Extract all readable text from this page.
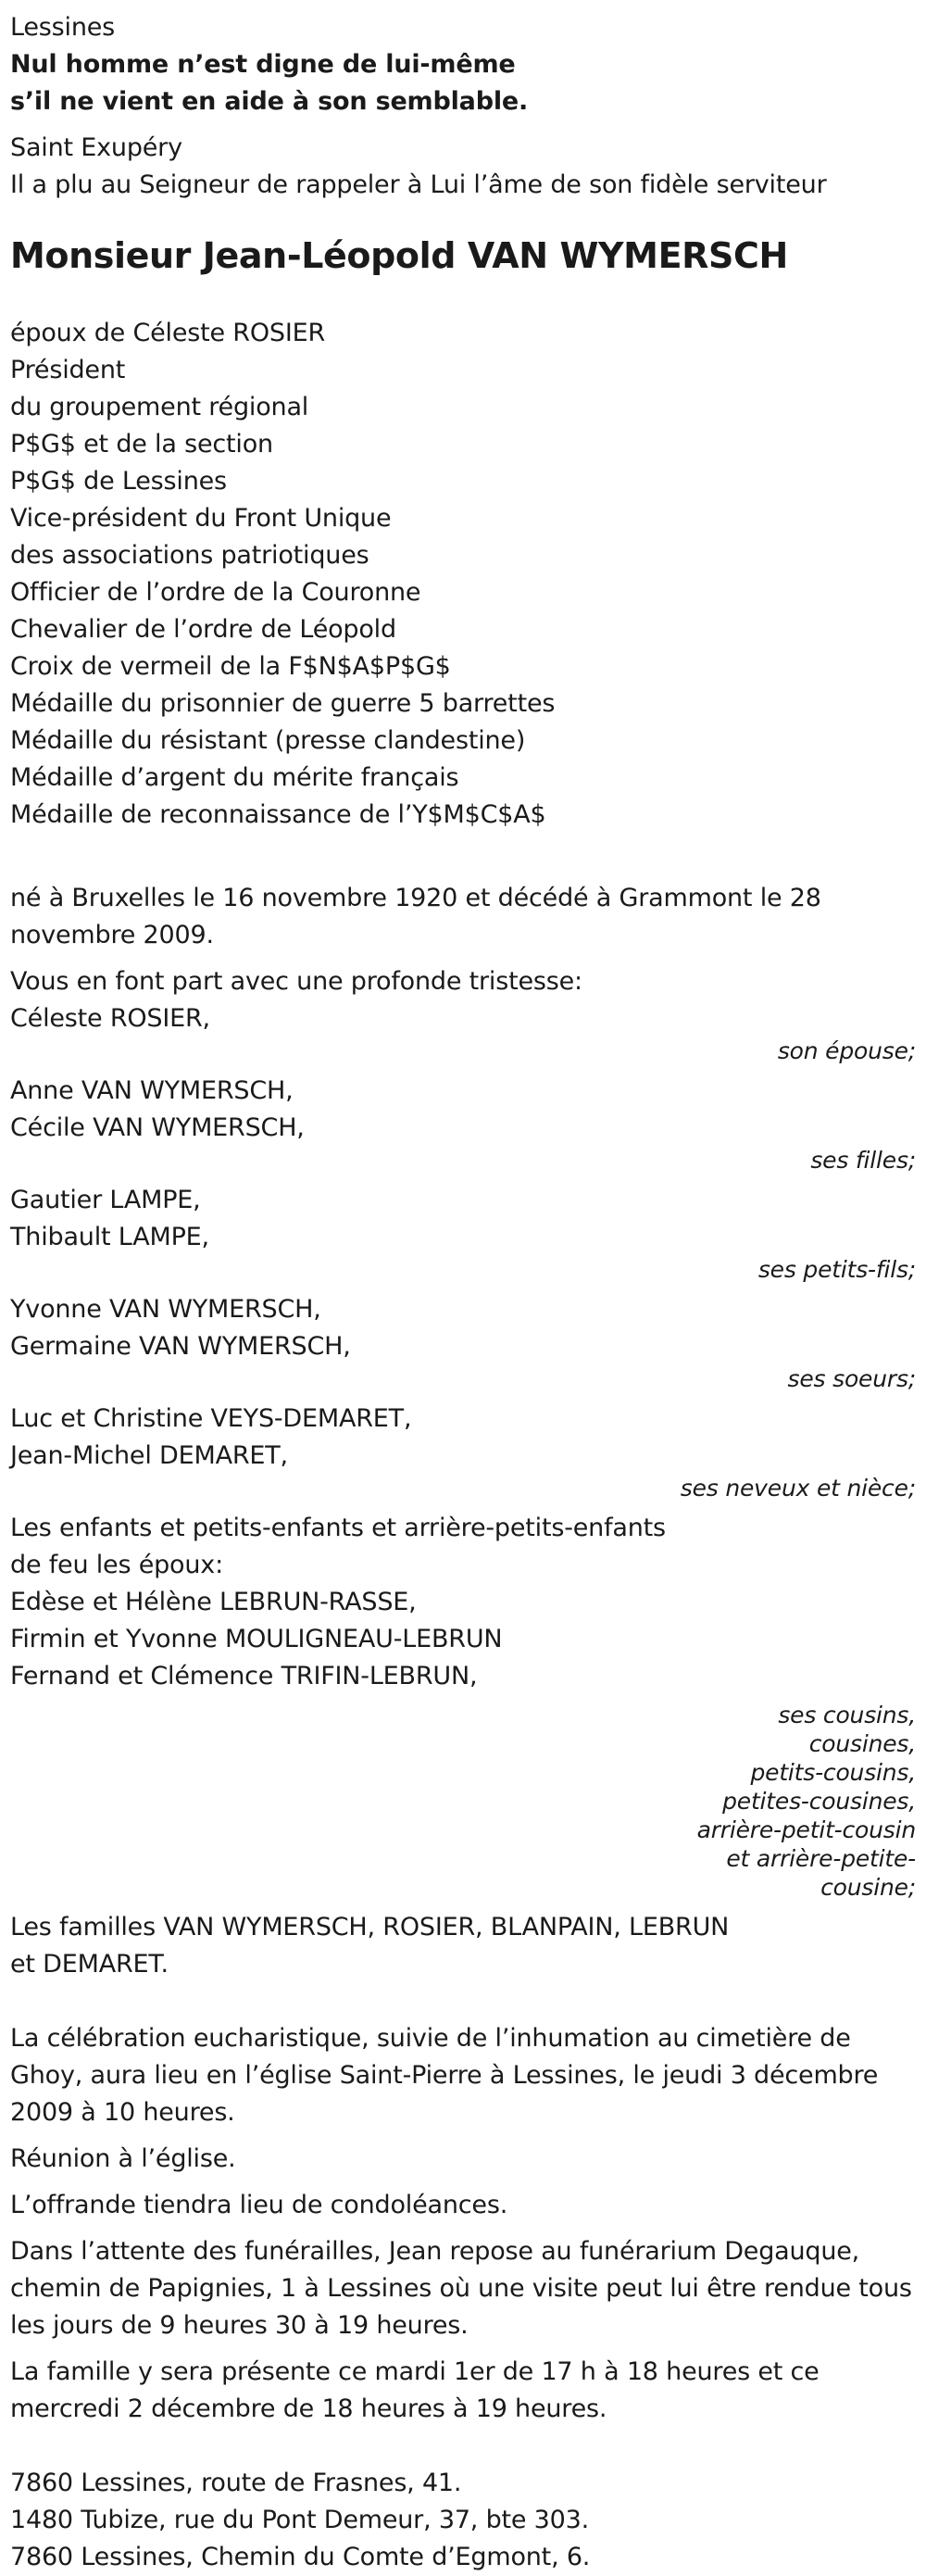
Lessines
Nul homme n’est digne de lui-même
s’il ne vient en aide à son semblable.
Saint Exupéry
Il a plu au Seigneur de rappeler à Lui l’âme de son fidèle serviteur
Monsieur Jean-Léopold VAN WYMERSCH
époux de Céleste ROSIER
Président
du groupement régional
P$G$ et de la section
P$G$ de Lessines
Vice-président du Front Unique
des associations patriotiques
Officier de l’ordre de la Couronne
Chevalier de l’ordre de Léopold
Croix de vermeil de la F$N$A$P$G$
Médaille du prisonnier de guerre 5 barrettes
Médaille du résistant (presse clandestine)
Médaille d’argent du mérite français
Médaille de reconnaissance de l’Y$M$C$A$
né à Bruxelles le 16 novembre 1920 et décédé à Grammont le 28
novembre 2009.
Vous en font part avec une profonde tristesse:
Céleste ROSIER,
son épouse;
Anne VAN WYMERSCH,
Cécile VAN WYMERSCH,
ses filles;
Gautier LAMPE,
Thibault LAMPE,
ses petits-fils;
Yvonne VAN WYMERSCH,
Germaine VAN WYMERSCH,
ses soeurs;
Luc et Christine VEYS-DEMARET,
Jean-Michel DEMARET,
ses neveux et nièce;
Les enfants et petits-enfants et arrière-petits-enfants
de feu les époux:
Edèse et Hélène LEBRUN-RASSE,
Firmin et Yvonne MOULIGNEAU-LEBRUN
Fernand et Clémence TRIFIN-LEBRUN,
ses cousins,
cousines,
petits-cousins,
petites-cousines,
arrière-petit-cousin
et arrière-petite-
cousine;
Les familles VAN WYMERSCH, ROSIER, BLANPAIN, LEBRUN
et DEMARET.
La célébration eucharistique, suivie de l’inhumation au cimetière de
Ghoy, aura lieu en l’église Saint-Pierre à Lessines, le jeudi 3 décembre
2009 à 10 heures.
Réunion à l’église.
L’offrande tiendra lieu de condoléances.
Dans l’attente des funérailles, Jean repose au funérarium Degauque,
chemin de Papignies, 1 à Lessines où une visite peut lui être rendue tous
les jours de 9 heures 30 à 19 heures.
La famille y sera présente ce mardi 1er de 17 h à 18 heures et ce
mercredi 2 décembre de 18 heures à 19 heures.
7860 Lessines, route de Frasnes, 41.
1480 Tubize, rue du Pont Demeur, 37, bte 303.
7860 Lessines, Chemin du Comte d’Egmont, 6.
